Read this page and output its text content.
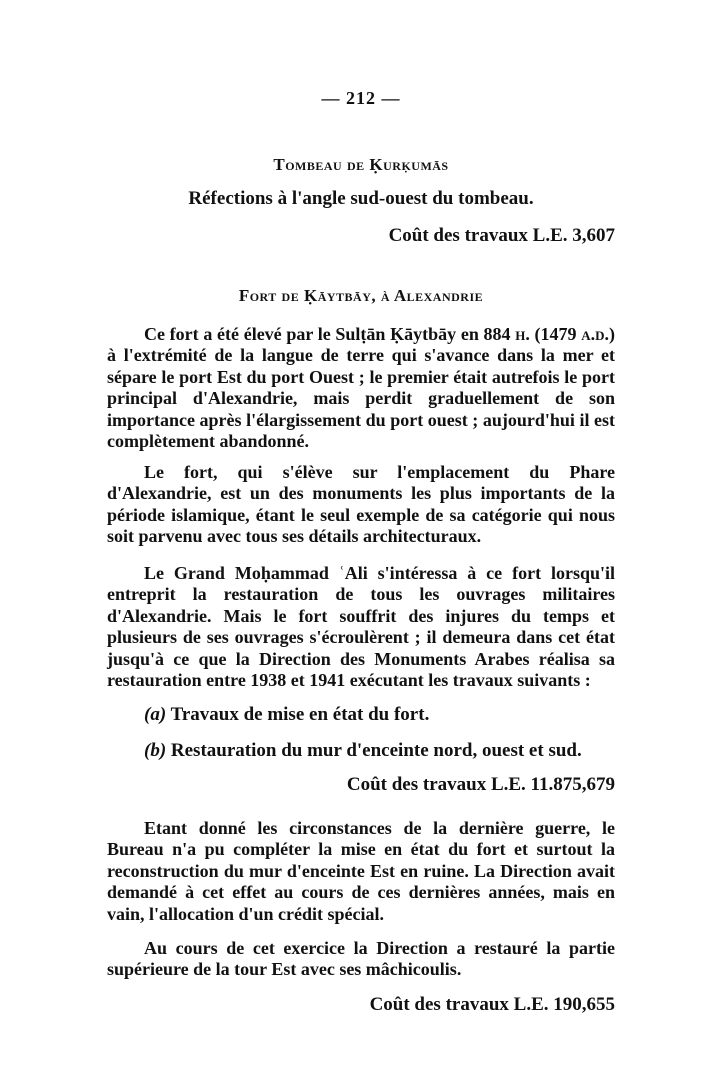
— 212 —
Tombeau de Ḳurḳumās
Réfections à l'angle sud-ouest du tombeau.
Coût des travaux L.E. 3,607
Fort de Ḳāytbāy, à Alexandrie

Ce fort a été élevé par le Sulṭān Ḳāytbāy en 884 h. (1479 a.d.) à l'extrémité de la langue de terre qui s'avance dans la mer et sépare le port Est du port Ouest ; le premier était autrefois le port principal d'Alexandrie, mais perdit graduellement de son importance après l'élargissement du port ouest ; aujourd'hui il est complètement abandonné.

Le fort, qui s'élève sur l'emplacement du Phare d'Alexandrie, est un des monuments les plus importants de la période islamique, étant le seul exemple de sa catégorie qui nous soit parvenu avec tous ses détails architecturaux.

Le Grand Moḥammad ʿAli s'intéressa à ce fort lorsqu'il entreprit la restauration de tous les ouvrages militaires d'Alexandrie. Mais le fort souffrit des injures du temps et plusieurs de ses ouvrages s'écroulèrent ; il demeura dans cet état jusqu'à ce que la Direction des Monuments Arabes réalisa sa restauration entre 1938 et 1941 exécutant les travaux suivants :

(a) Travaux de mise en état du fort.
(b) Restauration du mur d'enceinte nord, ouest et sud.
Coût des travaux L.E. 11.875,679

Etant donné les circonstances de la dernière guerre, le Bureau n'a pu compléter la mise en état du fort et surtout la reconstruction du mur d'enceinte Est en ruine. La Direction avait demandé à cet effet au cours de ces dernières années, mais en vain, l'allocation d'un crédit spécial.

Au cours de cet exercice la Direction a restauré la partie supérieure de la tour Est avec ses mâchicoulis.

Coût des travaux L.E. 190,655
